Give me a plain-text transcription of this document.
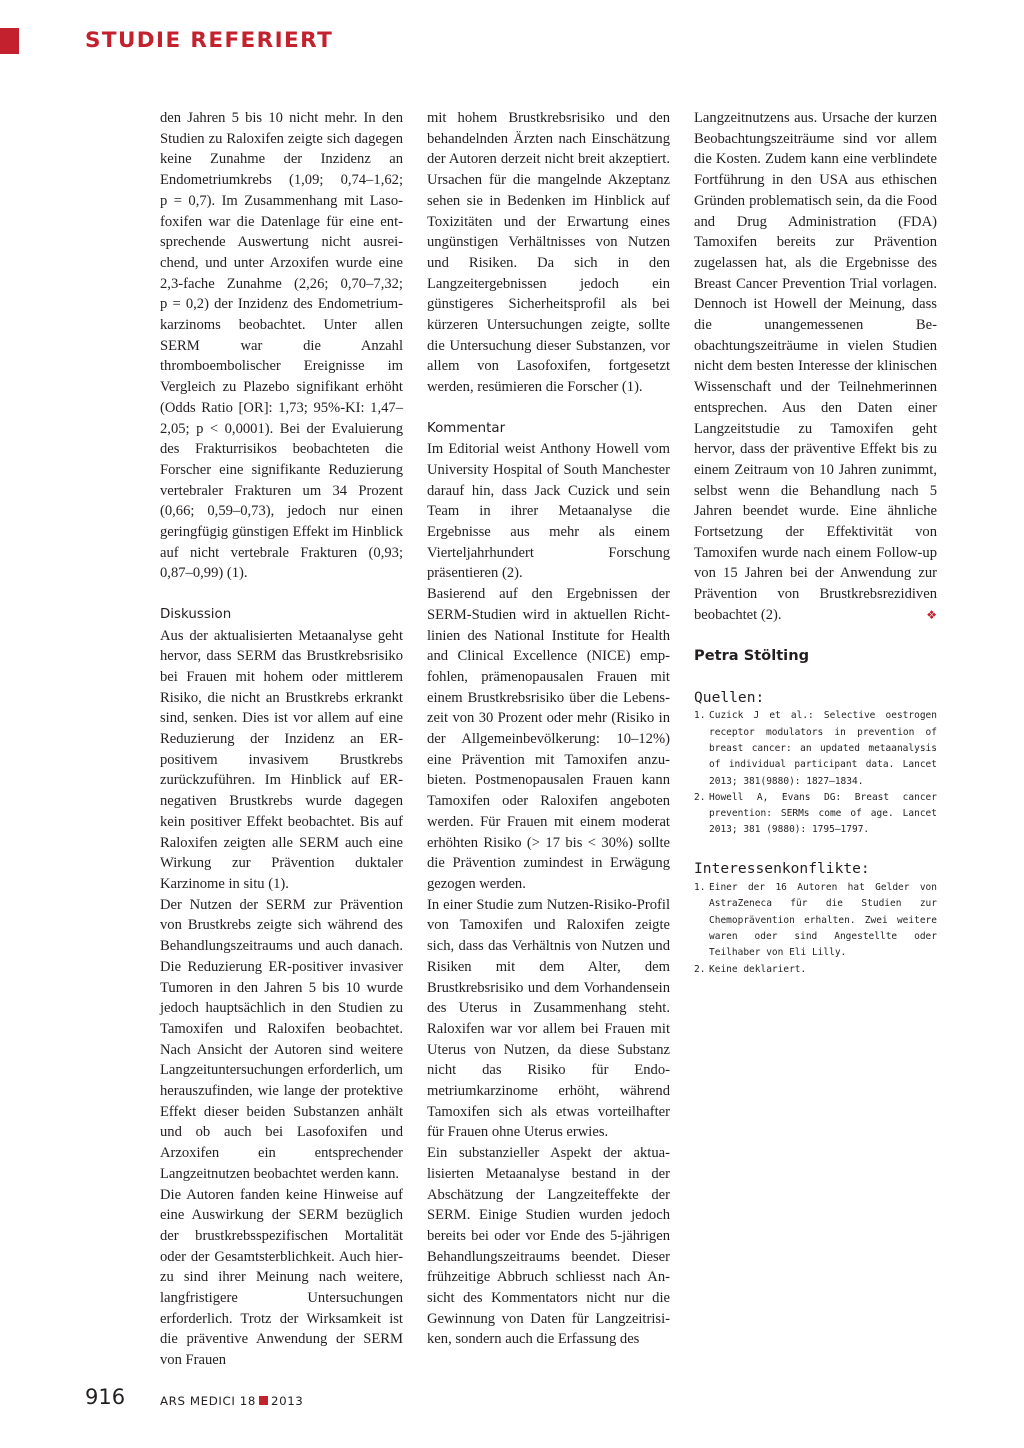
STUDIE REFERIERT

den Jahren 5 bis 10 nicht mehr. In den Studien zu Raloxifen zeigte sich dagegen keine Zunahme der Inzidenz an Endometriumkrebs (1,09; 0,74–1,62; p = 0,7). Im Zusammenhang mit Lasofoxifen war die Datenlage für eine entsprechende Auswertung nicht ausreichend, und unter Arzoxifen wurde eine 2,3-fache Zunahme (2,26; 0,70–7,32; p = 0,2) der Inzidenz des Endometriumkarzinoms beobachtet. Unter allen SERM war die Anzahl thromboembolischer Ereignisse im Vergleich zu Plazebo signifikant erhöht (Odds Ratio [OR]: 1,73; 95%-KI: 1,47–2,05; p < 0,0001). Bei der Evaluierung des Frakturrisikos beobachteten die Forscher eine signifikante Reduzierung vertebraler Frakturen um 34 Prozent (0,66; 0,59–0,73), jedoch nur einen geringfügig günstigen Effekt im Hinblick auf nicht vertebrale Frakturen (0,93; 0,87–0,99) (1).

Diskussion

Aus der aktualisierten Metaanalyse geht hervor, dass SERM das Brustkrebsrisiko bei Frauen mit hohem oder mittlerem Risiko, die nicht an Brustkrebs erkrankt sind, senken. Dies ist vor allem auf eine Reduzierung der Inzidenz an ER-positivem invasivem Brustkrebs zurückzuführen. Im Hinblick auf ER-negativen Brustkrebs wurde dagegen kein positiver Effekt beobachtet. Bis auf Raloxifen zeigten alle SERM auch eine Wirkung zur Prävention duktaler Karzinome in situ (1).

Der Nutzen der SERM zur Prävention von Brustkrebs zeigte sich während des Behandlungszeitraums und auch danach. Die Reduzierung ER-positiver invasiver Tumoren in den Jahren 5 bis 10 wurde jedoch hauptsächlich in den Studien zu Tamoxifen und Raloxifen beobachtet. Nach Ansicht der Autoren sind weitere Langzeituntersuchungen erforderlich, um herauszufinden, wie lange der protektive Effekt dieser beiden Substanzen anhält und ob auch bei Lasofoxifen und Arzoxifen ein entsprechender Langzeitnutzen beobachtet werden kann.

Die Autoren fanden keine Hinweise auf eine Auswirkung der SERM bezüglich der brustkrebsspezifischen Mortalität oder der Gesamtsterblichkeit. Auch hierzu sind ihrer Meinung nach weitere, langfristigere Untersuchungen erforderlich. Trotz der Wirksamkeit ist die präventive Anwendung der SERM von Frauen

mit hohem Brustkrebsrisiko und den behandelnden Ärzten nach Einschätzung der Autoren derzeit nicht breit akzeptiert. Ursachen für die mangelnde Akzeptanz sehen sie in Bedenken im Hinblick auf Toxizitäten und der Erwartung eines ungünstigen Verhältnisses von Nutzen und Risiken. Da sich in den Langzeitergebnissen jedoch ein günstigeres Sicherheitsprofil als bei kürzeren Untersuchungen zeigte, sollte die Untersuchung dieser Substanzen, vor allem von Lasofoxifen, fortgesetzt werden, resümieren die Forscher (1).

Kommentar

Im Editorial weist Anthony Howell vom University Hospital of South Manchester darauf hin, dass Jack Cuzick und sein Team in ihrer Metaanalyse die Ergebnisse aus mehr als einem Vierteljahrhundert Forschung präsentieren (2).

Basierend auf den Ergebnissen der SERM-Studien wird in aktuellen Richtlinien des National Institute for Health and Clinical Excellence (NICE) empfohlen, prämenopausalen Frauen mit einem Brustkrebsrisiko über die Lebenszeit von 30 Prozent oder mehr (Risiko in der Allgemeinbevölkerung: 10–12%) eine Prävention mit Tamoxifen anzubieten. Postmenopausalen Frauen kann Tamoxifen oder Raloxifen angeboten werden. Für Frauen mit einem moderat erhöhten Risiko (> 17 bis < 30%) sollte die Prävention zumindest in Erwägung gezogen werden.

In einer Studie zum Nutzen-Risiko-Profil von Tamoxifen und Raloxifen zeigte sich, dass das Verhältnis von Nutzen und Risiken mit dem Alter, dem Brustkrebsrisiko und dem Vorhandensein des Uterus in Zusammenhang steht. Raloxifen war vor allem bei Frauen mit Uterus von Nutzen, da diese Substanz nicht das Risiko für Endometriumkarzinome erhöht, während Tamoxifen sich als etwas vorteilhafter für Frauen ohne Uterus erwies.

Ein substanzieller Aspekt der aktualisierten Metaanalyse bestand in der Abschätzung der Langzeiteffekte der SERM. Einige Studien wurden jedoch bereits bei oder vor Ende des 5-jährigen Behandlungszeitraums beendet. Dieser frühzeitige Abbruch schliesst nach Ansicht des Kommentators nicht nur die Gewinnung von Daten für Langzeitrisiken, sondern auch die Erfassung des

Langzeitnutzens aus. Ursache der kurzen Beobachtungszeiträume sind vor allem die Kosten. Zudem kann eine verblindete Fortführung in den USA aus ethischen Gründen problematisch sein, da die Food and Drug Administration (FDA) Tamoxifen bereits zur Prävention zugelassen hat, als die Ergebnisse des Breast Cancer Prevention Trial vorlagen. Dennoch ist Howell der Meinung, dass die unangemessenen Beobachtungszeiträume in vielen Studien nicht dem besten Interesse der klinischen Wissenschaft und der Teilnehmerinnen entsprechen. Aus den Daten einer Langzeitstudie zu Tamoxifen geht hervor, dass der präventive Effekt bis zu einem Zeitraum von 10 Jahren zunimmt, selbst wenn die Behandlung nach 5 Jahren beendet wurde. Eine ähnliche Fortsetzung der Effektivität von Tamoxifen wurde nach einem Follow-up von 15 Jahren bei der Anwendung zur Prävention von Brustkrebsrezidiven beobachtet (2).	❖

Petra Stölting

Quellen:

1. Cuzick J et al.: Selective oestrogen receptor modulators in prevention of breast cancer: an updated metaanalysis of individual participant data. Lancet 2013; 381(9880): 1827–1834.
2. Howell A, Evans DG: Breast cancer prevention: SERMs come of age. Lancet 2013; 381 (9880): 1795–1797.

Interessenkonflikte:

1. Einer der 16 Autoren hat Gelder von AstraZeneca für die Studien zur Chemoprävention erhalten. Zwei weitere waren oder sind Angestellte oder Teilhaber von Eli Lilly.
2. Keine deklariert.
916	ARS MEDICI 18 2013
